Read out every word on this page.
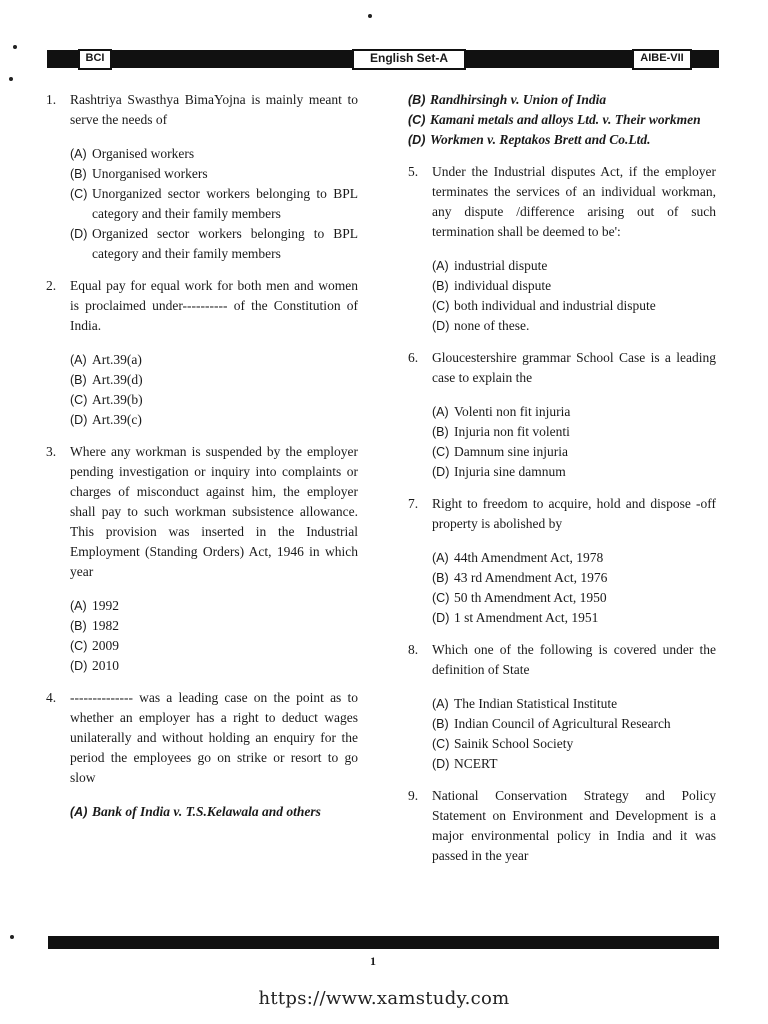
BCI	English Set-A	AIBE-VII
1.	Rashtriya Swasthya BimaYojna is mainly meant to serve the needs of
(A) Organised workers
(B) Unorganised workers
(C) Unorganized sector workers belonging to BPL category and their family members
(D) Organized sector workers belonging to BPL category and their family members
2.	Equal pay for equal work for both men and women is proclaimed under---------- of the Constitution of India.
(A) Art.39(a)
(B) Art.39(d)
(C) Art.39(b)
(D) Art.39(c)
3.	Where any workman is suspended by the employer pending investigation or inquiry into complaints or charges of misconduct against him, the employer shall pay to such workman subsistence allowance. This provision was inserted in the Industrial Employment (Standing Orders) Act, 1946 in which year
(A) 1992
(B) 1982
(C) 2009
(D) 2010
4.	-------------- was a leading case on the point as to whether an employer has a right to deduct wages unilaterally and without holding an enquiry for the period the employees go on strike or resort to go slow
(A) Bank of India v. T.S.Kelawala and others
(B) Randhirsingh v. Union of India
(C) Kamani metals and alloys Ltd. v. Their workmen
(D) Workmen v. Reptakos Brett and Co.Ltd.
5.	Under the Industrial disputes Act, if the employer terminates the services of an individual workman, any dispute /difference arising out of such termination shall be deemed to be':
(A) industrial dispute
(B) individual dispute
(C) both individual and industrial dispute
(D) none of these.
6.	Gloucestershire grammar School Case is a leading case to explain the
(A) Volenti non fit injuria
(B) Injuria non fit volenti
(C) Damnum sine injuria
(D) Injuria sine damnum
7.	Right to freedom to acquire, hold and dispose -off property is abolished by
(A) 44th Amendment Act, 1978
(B) 43 rd Amendment Act, 1976
(C) 50 th Amendment Act, 1950
(D) 1 st Amendment Act, 1951
8.	Which one of the following is covered under the definition of State
(A) The Indian Statistical Institute
(B) Indian Council of Agricultural Research
(C) Sainik School Society
(D) NCERT
9.	National Conservation Strategy and Policy Statement on Environment and Development is a major environmental policy in India and it was passed in the year
1
https://www.xamstudy.com
